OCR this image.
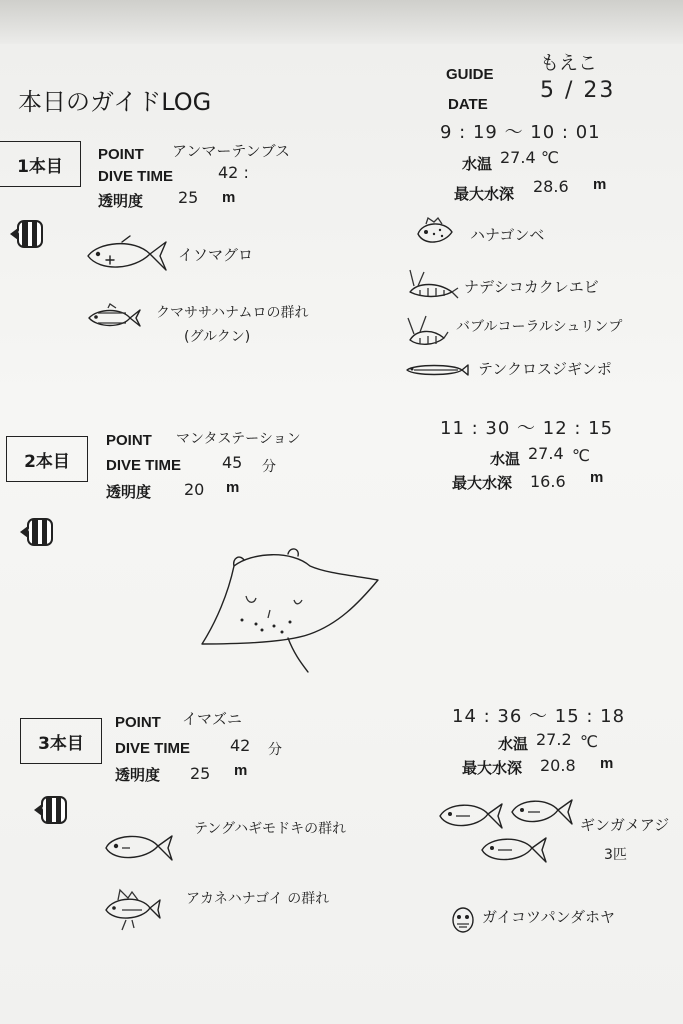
本日のガイドLOG
GUIDE
もえこ
DATE
5 / 23
1本目
POINT アンマーテンブス
DIVE TIME	42 :
透明度 25 m
9 : 19 ～ 10 : 01
水温 27.4 ℃
最大水深 28.6 m
イソマグロ
クマササハナムロの群れ
(グルクン)
ハナゴンベ
ナデシコカクレエビ
バブルコーラルシュリンプ
テンクロスジギンポ
2本目
POINT マンタステーション
DIVE TIME	45 分
透明度 20 m
11 : 30 ～ 12 : 15
水温 27.4 ℃
最大水深 16.6 m
3本目
POINT イマズニ
DIVE TIME 42 分
透明度 25 m
14 : 36 ～ 15 : 18
水温 27.2 ℃
最大水深 20.8 m
テングハギモドキの群れ
アカネハナゴイ の群れ
ギンガメアジ
3匹
ガイコツパンダホヤ
